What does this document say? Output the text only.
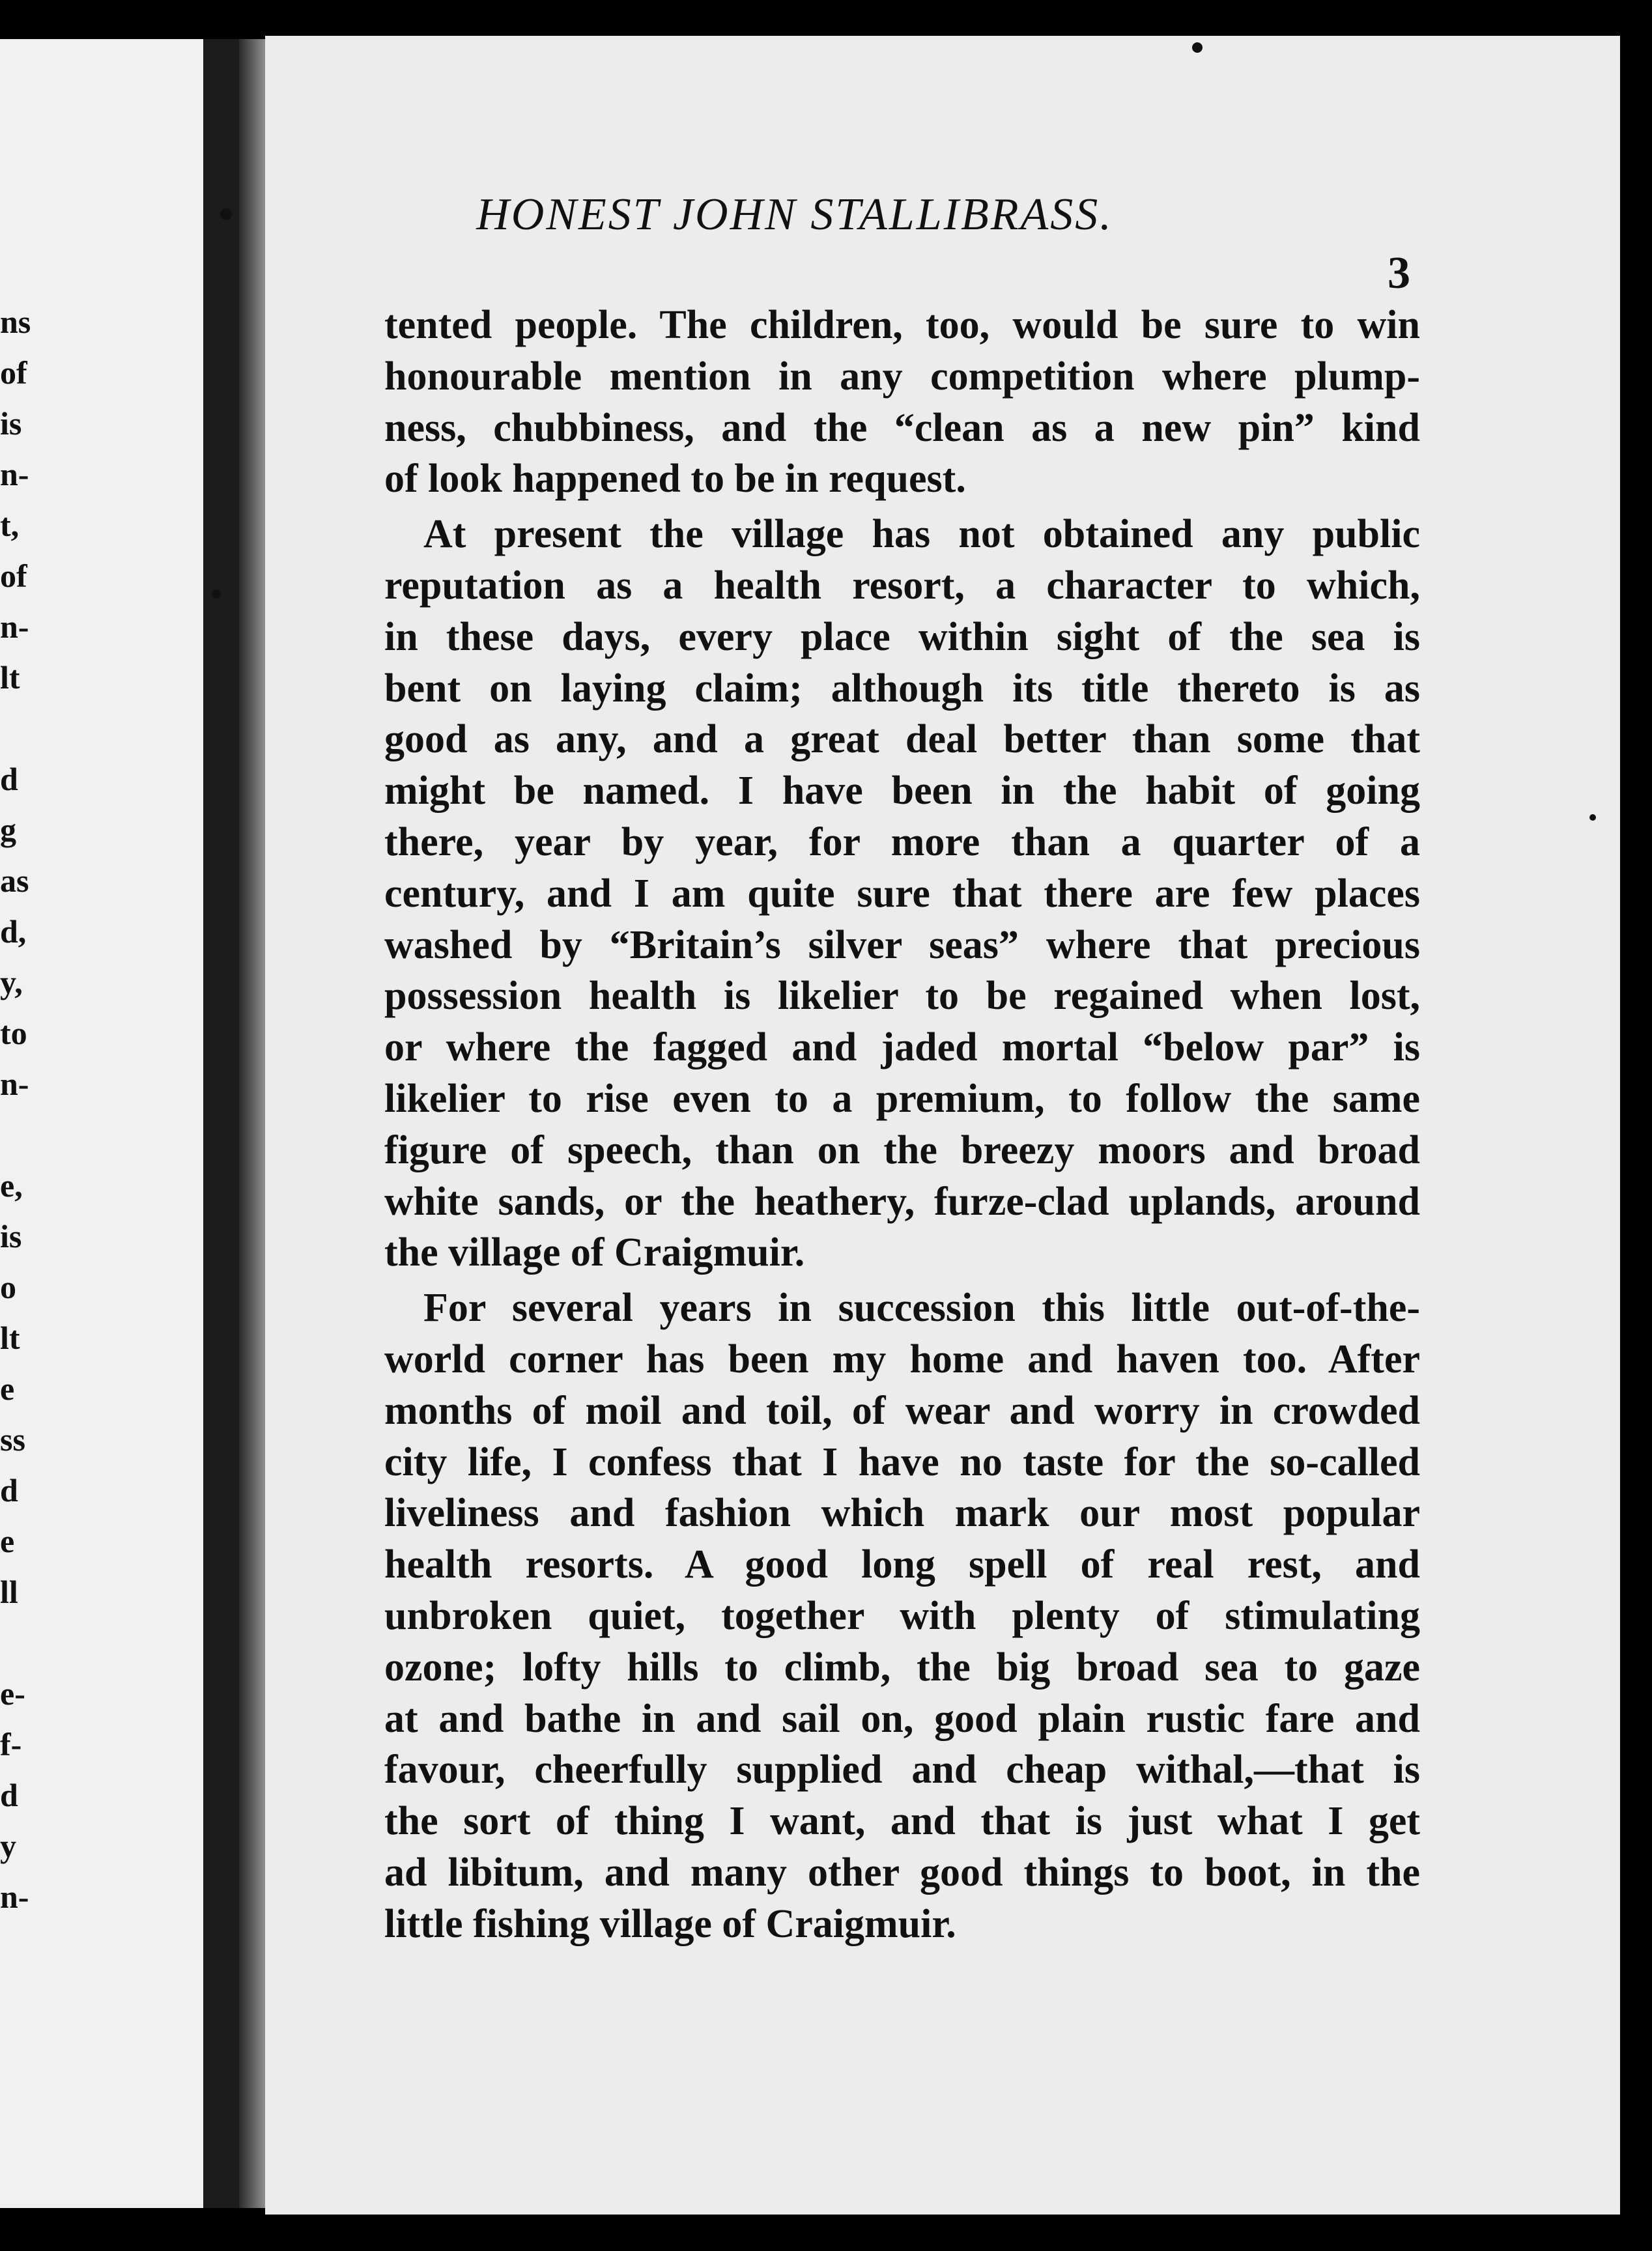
ns
of
is
n-
t,
of
n-
lt
d
g
as
d,
y,
to
n-
e,
is
o
lt
e
ss
d
e
ll
e-
f-
d
y
n-
HONEST JOHN STALLIBRASS.
3
tented people. The children, too, would be sure to win
honourable mention in any competition where plump-
ness, chubbiness, and the “clean as a new pin” kind
of look happened to be in request.
At present the village has not obtained any public
reputation as a health resort, a character to which,
in these days, every place within sight of the sea is
bent on laying claim; although its title thereto is as
good as any, and a great deal better than some that
might be named. I have been in the habit of going
there, year by year, for more than a quarter of a
century, and I am quite sure that there are few places
washed by “Britain’s silver seas” where that precious
possession health is likelier to be regained when lost,
or where the fagged and jaded mortal “below par” is
likelier to rise even to a premium, to follow the same
figure of speech, than on the breezy moors and broad
white sands, or the heathery, furze-clad uplands, around
the village of Craigmuir.
For several years in succession this little out-of-the-
world corner has been my home and haven too. After
months of moil and toil, of wear and worry in crowded
city life, I confess that I have no taste for the so-called
liveliness and fashion which mark our most popular
health resorts. A good long spell of real rest, and
unbroken quiet, together with plenty of stimulating
ozone; lofty hills to climb, the big broad sea to gaze
at and bathe in and sail on, good plain rustic fare and
favour, cheerfully supplied and cheap withal,—that is
the sort of thing I want, and that is just what I get
ad libitum, and many other good things to boot, in the
little fishing village of Craigmuir.
